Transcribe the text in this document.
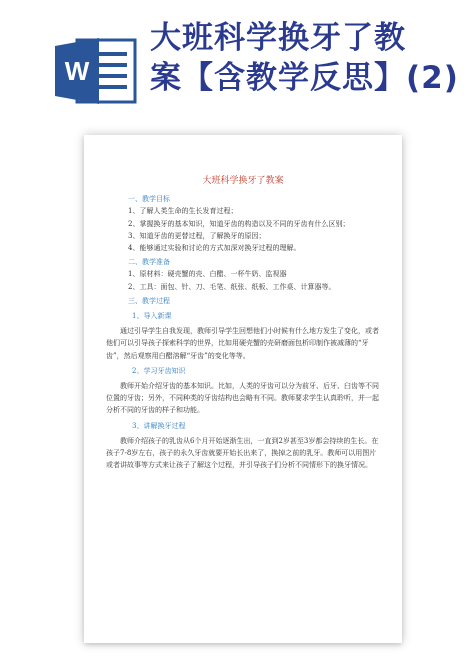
W
大班科学换牙了教
案【含教学反思】(2)
大班科学换牙了教案
一、教学目标
1、了解人类生命的生长发育过程；
2、掌握换牙的基本知识，知道牙齿的构造以及不同的牙齿有什么区别；
3、知道牙齿的更替过程，了解换牙的原因；
4、能够通过实验和讨论的方式加深对换牙过程的理解。
二、教学准备
1、原材料：硬壳蟹的壳、白醋、一杯牛奶、监视器
2、工具：面包、针、刀、毛笔、纸张、纸板、工作桌、计算器等。
三、教学过程
1、导入新课
通过引导学生自我发现，教师引导学生回想他们小时候有什么地方发生了变化，或者他们可以引导孩子探索科学的世界，比如用硬壳蟹的壳研磨面包析印制作被减薄的“牙齿”，然后观察用白醋溶解“牙齿”的变化等等。
2、学习牙齿知识
教师开始介绍牙齿的基本知识。比如，人类的牙齿可以分为前牙、后牙、臼齿等不同位置的牙齿；另外，不同种类的牙齿结构也会略有不同。教师要求学生认真聆听，并一起分析不同的牙齿的样子和功能。
3、讲解换牙过程
教师介绍孩子的乳齿从6个月开始逐渐生出，一直到2岁甚至3岁都会持续的生长。在孩子7-8岁左右，孩子的永久牙齿就要开始长出来了，换掉之前的乳牙。教师可以用图片或者讲故事等方式来让孩子了解这个过程，并引导孩子们分析不同情形下的换牙情况。
